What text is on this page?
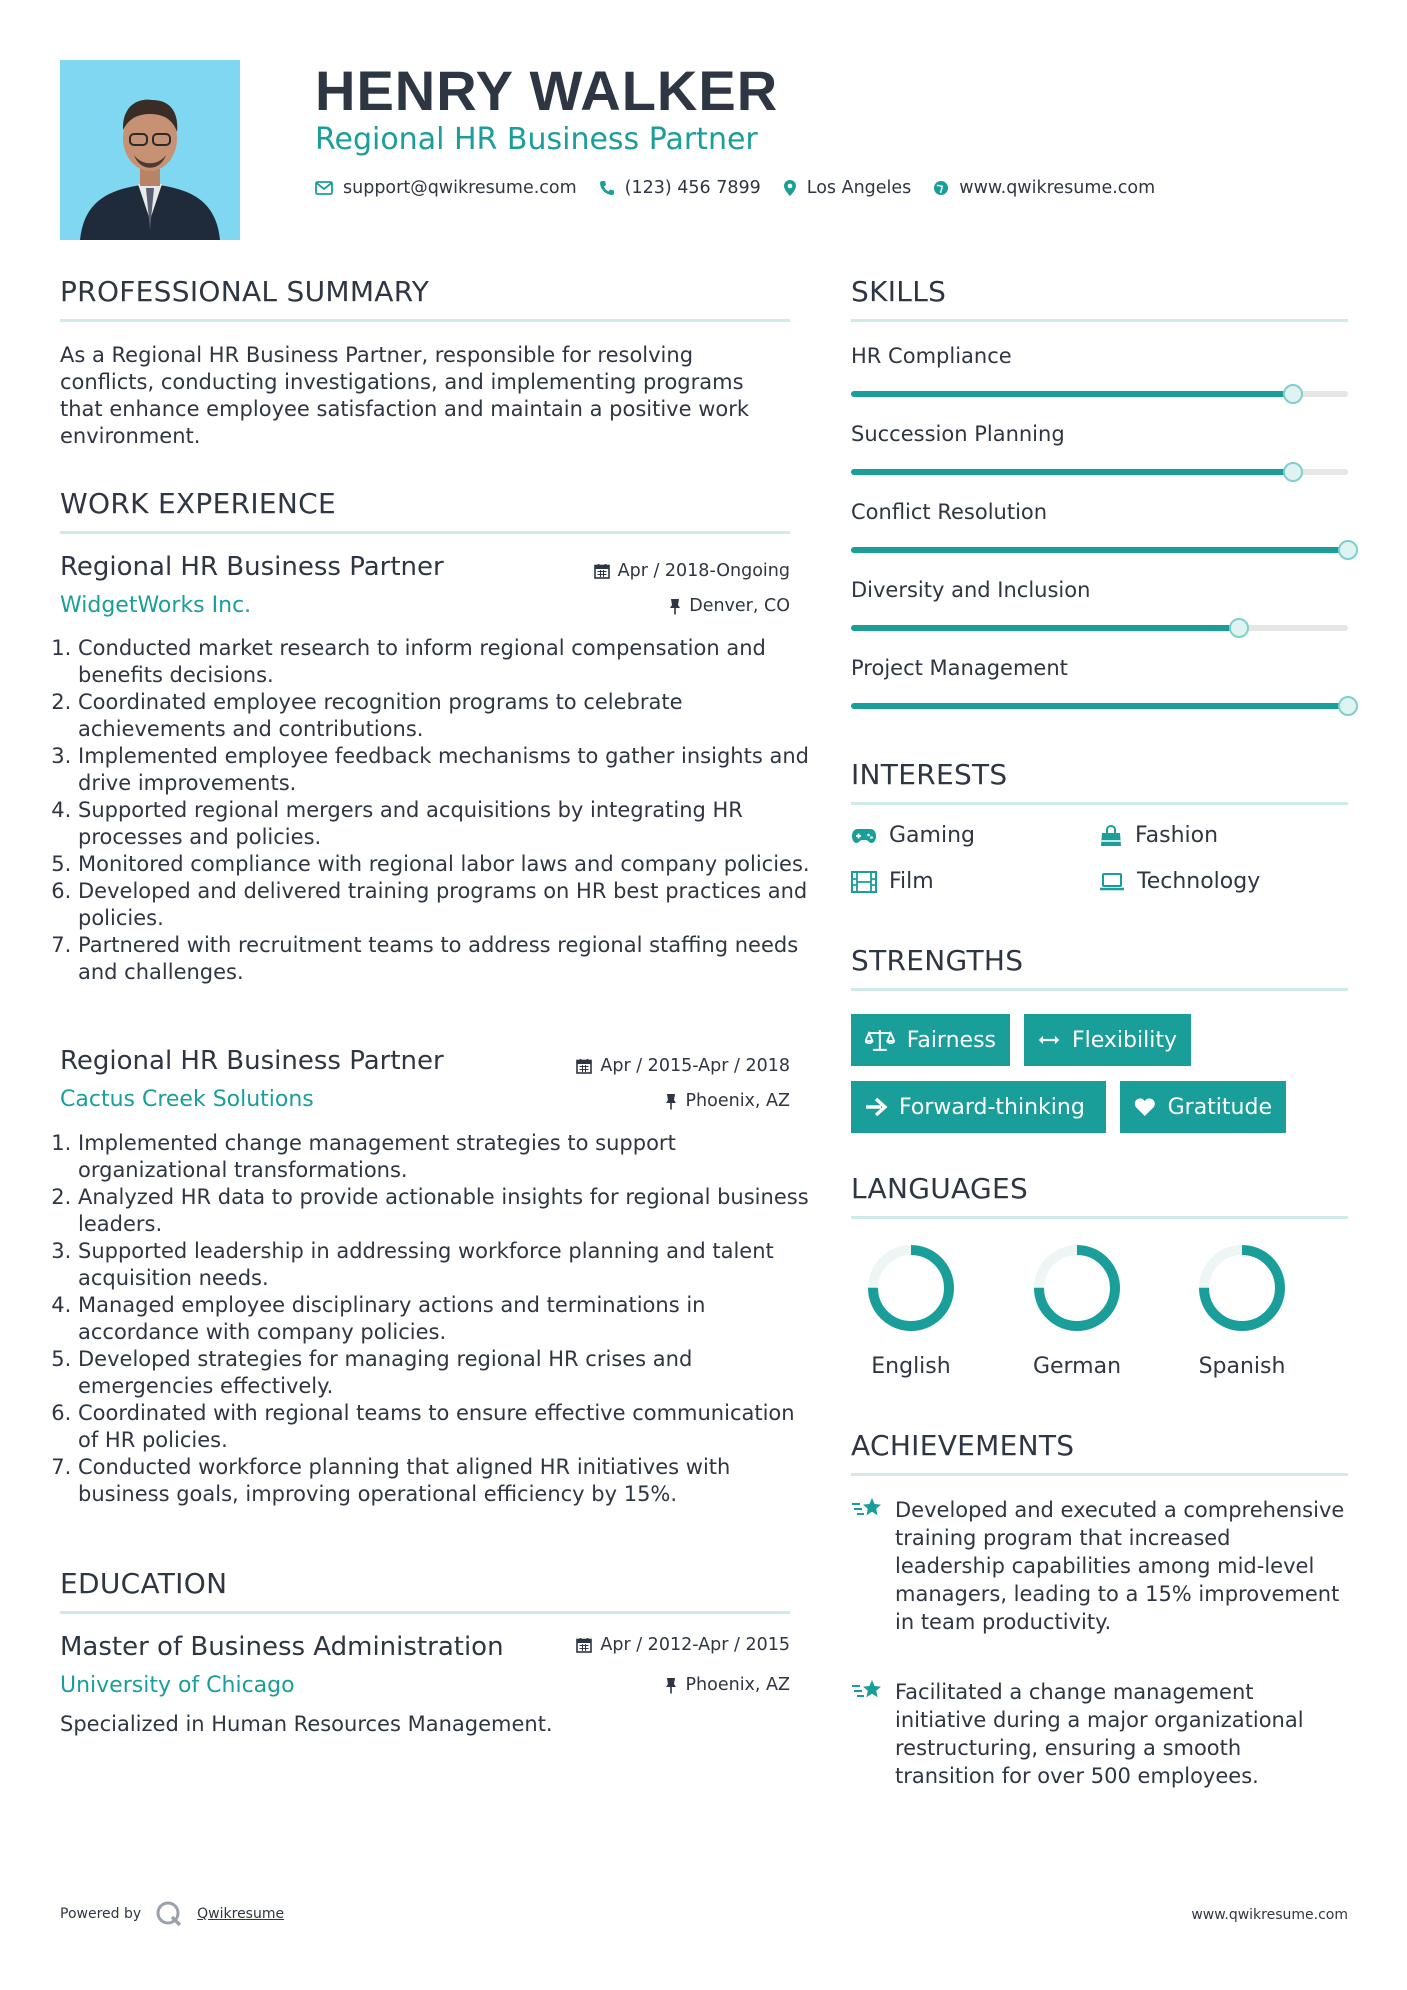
HENRY WALKER
Regional HR Business Partner
support@qwikresume.com	(123) 456 7899	Los Angeles	www.qwikresume.com
PROFESSIONAL SUMMARY
As a Regional HR Business Partner, responsible for resolving conflicts, conducting investigations, and implementing programs that enhance employee satisfaction and maintain a positive work environment.
WORK EXPERIENCE
Regional HR Business Partner
WidgetWorks Inc.
Apr / 2018-Ongoing
Denver, CO
1. Conducted market research to inform regional compensation and benefits decisions.
2. Coordinated employee recognition programs to celebrate achievements and contributions.
3. Implemented employee feedback mechanisms to gather insights and drive improvements.
4. Supported regional mergers and acquisitions by integrating HR processes and policies.
5. Monitored compliance with regional labor laws and company policies.
6. Developed and delivered training programs on HR best practices and policies.
7. Partnered with recruitment teams to address regional staffing needs and challenges.
Regional HR Business Partner
Cactus Creek Solutions
Apr / 2015-Apr / 2018
Phoenix, AZ
1. Implemented change management strategies to support organizational transformations.
2. Analyzed HR data to provide actionable insights for regional business leaders.
3. Supported leadership in addressing workforce planning and talent acquisition needs.
4. Managed employee disciplinary actions and terminations in accordance with company policies.
5. Developed strategies for managing regional HR crises and emergencies effectively.
6. Coordinated with regional teams to ensure effective communication of HR policies.
7. Conducted workforce planning that aligned HR initiatives with business goals, improving operational efficiency by 15%.
EDUCATION
Master of Business Administration
University of Chicago
Apr / 2012-Apr / 2015
Phoenix, AZ
Specialized in Human Resources Management.
SKILLS
HR Compliance
Succession Planning
Conflict Resolution
Diversity and Inclusion
Project Management
INTERESTS
Gaming	Fashion
Film	Technology
STRENGTHS
Fairness	Flexibility
Forward-thinking	Gratitude
LANGUAGES
English	German	Spanish
ACHIEVEMENTS
Developed and executed a comprehensive training program that increased leadership capabilities among mid-level managers, leading to a 15% improvement in team productivity.
Facilitated a change management initiative during a major organizational restructuring, ensuring a smooth transition for over 500 employees.
Powered by	Qwikresume	www.qwikresume.com
